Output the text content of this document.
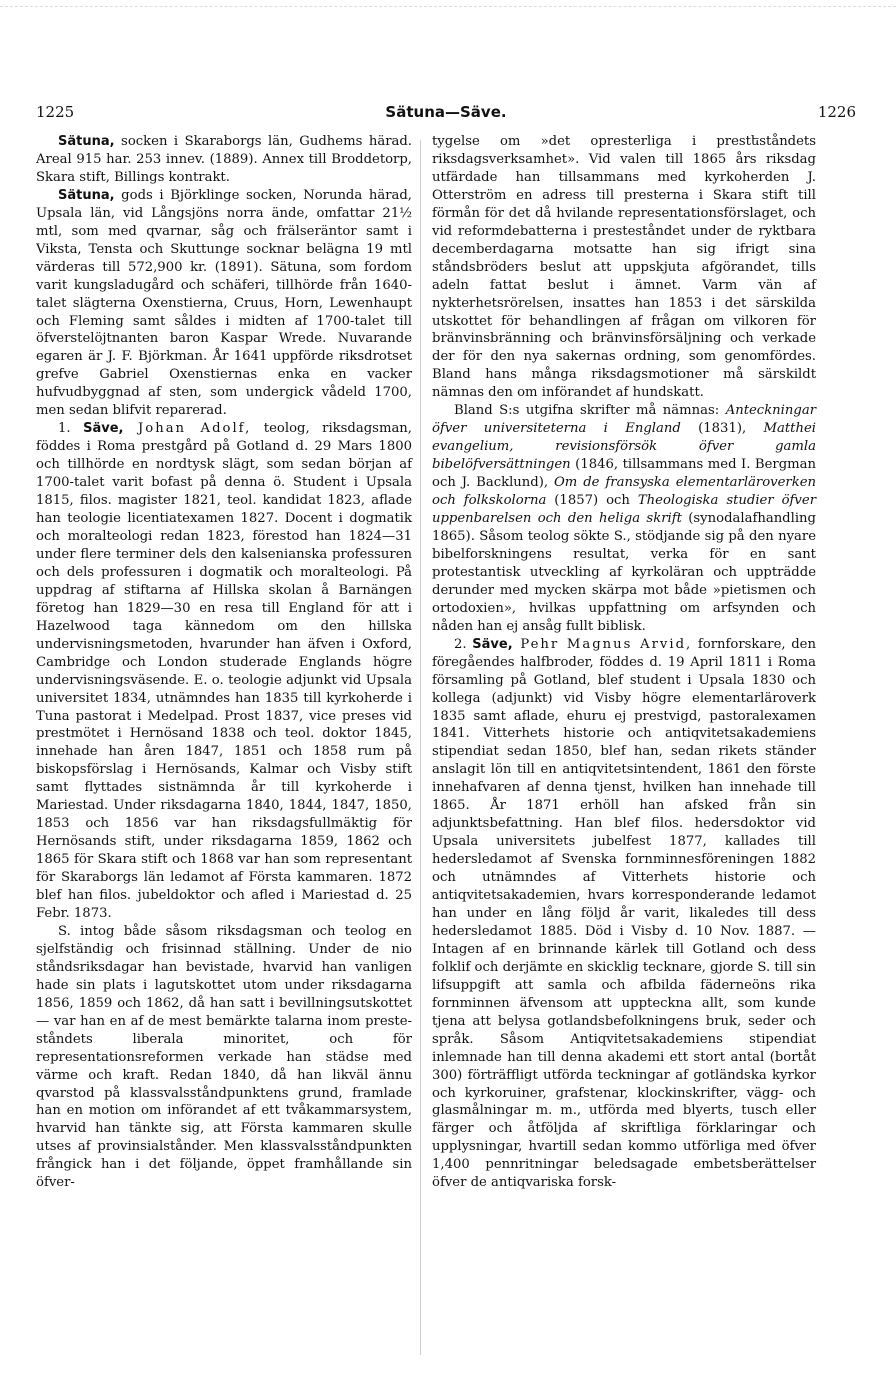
1225	Sätuna—Säve.	1226

Sätuna, socken i Skaraborgs län, Gudhems härad. Areal 915 har. 253 innev. (1889). Annex till Broddetorp, Skara stift, Billings kontrakt.

Sätuna, gods i Björklinge socken, Norunda härad, Upsala län, vid Långsjöns norra ände, omfattar 21½ mtl, som med qvarnar, såg och frälseräntor samt i Viksta, Tensta och Skuttunge socknar belägna 19 mtl värderas till 572,900 kr. (1891). Sätuna, som fordom varit kungsladugård och schäferi, tillhörde från 1640-talet slägterna Oxenstierna, Cruus, Horn, Lewenhaupt och Fleming samt såldes i midten af 1700-talet till öfverstelöjtnanten baron Kaspar Wrede. Nuvarande egaren är J. F. Björkman. År 1641 uppförde riksdrotset grefve Gabriel Oxenstiernas enka en vacker hufvudbyggnad af sten, som undergick vådeld 1700, men sedan blifvit reparerad.

1. Säve, Johan Adolf, teolog, riksdagsman, föddes i Roma prestgård på Gotland d. 29 Mars 1800 och tillhörde en nordtysk slägt, som sedan början af 1700-talet varit bofast på denna ö. Student i Upsala 1815, filos. magister 1821, teol. kandidat 1823, aflade han teologie licentiatexamen 1827. Docent i dogmatik och moralteologi redan 1823, förestod han 1824—31 under flere terminer dels den kalsenianska professuren och dels professuren i dogmatik och moralteologi. På uppdrag af stiftarna af Hillska skolan å Barnängen företog han 1829—30 en resa till England för att i Hazelwood taga kännedom om den hillska undervisningsmetoden, hvarunder han äfven i Oxford, Cambridge och London studerade Englands högre undervisningsväsende. E. o. teologie adjunkt vid Upsala universitet 1834, utnämndes han 1835 till kyrkoherde i Tuna pastorat i Medelpad. Prost 1837, vice preses vid prestmötet i Hernösand 1838 och teol. doktor 1845, innehade han åren 1847, 1851 och 1858 rum på biskopsförslag i Hernösands, Kalmar och Visby stift samt flyttades sistnämnda år till kyrkoherde i Mariestad. Under riksdagarna 1840, 1844, 1847, 1850, 1853 och 1856 var han riksdagsfullmäktig för Hernösands stift, under riksdagarna 1859, 1862 och 1865 för Skara stift och 1868 var han som representant för Skaraborgs län ledamot af Första kammaren. 1872 blef han filos. jubeldoktor och afled i Mariestad d. 25 Febr. 1873.

S. intog både såsom riksdagsman och teolog en sjelfständig och frisinnad ställning. Under de nio ståndsriksdagar han bevistade, hvarvid han vanligen hade sin plats i lagutskottet utom under riksdagarna 1856, 1859 och 1862, då han satt i bevillningsutskottet — var han en af de mest bemärkte talarna inom preste-ståndets liberala minoritet, och för representationsreformen verkade han städse med värme och kraft. Redan 1840, då han likväl ännu qvarstod på klassvalsståndpunktens grund, framlade han en motion om införandet af ett tvåkammarsystem, hvarvid han tänkte sig, att Första kammaren skulle utses af provinsialstånder. Men klassvalsståndpunkten frångick han i det följande, öppet framhållande sin öfver-

tygelse om »det opresterliga i prestեståndets riksdagsverksamhet». Vid valen till 1865 års riksdag utfärdade han tillsammans med kyrkoherden J. Otterström en adress till presterna i Skara stift till förmån för det då hvilande representationsförslaget, och vid reformdebatterna i prestеståndet under de ryktbara decemberdagarna motsatte han sig ifrigt sina ståndsbröders beslut att uppskjuta afgörandet, tills adeln fattat beslut i ämnet. Varm vän af nykterhetsrörelsen, insattes han 1853 i det särskilda utskottet för behandlingen af frågan om vilkoren för bränvinsbränning och bränvinsförsäljning och verkade der för den nya sakernas ordning, som genomfördes. Bland hans många riksdagsmotioner må särskildt nämnas den om införandet af hundskatt.

Bland S:s utgifna skrifter må nämnas: Anteckningar öfver universiteterna i England (1831), Matthei evangelium, revisionsförsök öfver gamla bibelöfversättningen (1846, tillsammans med I. Bergman och J. Backlund), Om de fransyska elementarläroverken och folkskolorna (1857) och Theologiska studier öfver uppenbarelsen och den heliga skrift (synodalafhandling 1865). Såsom teolog sökte S., stödjande sig på den nyare bibelforskningens resultat, verka för en sant protestantisk utveckling af kyrkoläran och uppträdde derunder med mycken skärpa mot både »pietismen och ortodoxien», hvilkas uppfattning om arfsynden och nåden han ej ansåg fullt biblisk.

2. Säve, Pehr Magnus Arvid, fornforskare, den föregåendes halfbroder, föddes d. 19 April 1811 i Roma församling på Gotland, blef student i Upsala 1830 och kollega (adjunkt) vid Visby högre elementarläroverk 1835 samt aflade, ehuru ej prestvigd, pastoralexamen 1841. Vitterhets historie och antiqvitetsakademiens stipendiat sedan 1850, blef han, sedan rikets ständer anslagit lön till en antiqvitetsintendent, 1861 den förste innehafvaren af denna tjenst, hvilken han innehade till 1865. År 1871 erhöll han afsked från sin adjunktsbefattning. Han blef filos. hedersdoktor vid Upsala universitets jubelfest 1877, kallades till hedersledamot af Svenska fornminnesföreningen 1882 och utnämndes af Vitterhets historie och antiqvitetsakademien, hvars korresponderande ledamot han under en lång följd år varit, likaledes till dess hedersledamot 1885. Död i Visby d. 10 Nov. 1887. — Intagen af en brinnande kärlek till Gotland och dess folklif och derjämte en skicklig tecknare, gjorde S. till sin lifsuppgift att samla och afbilda fäderneöns rika fornminnen äfvensom att uppteckna allt, som kunde tjena att belysa gotlandsbefolkningens bruk, seder och språk. Såsom Antiqvitetsakademiens stipendiat inlemnade han till denna akademi ett stort antal (bortåt 300) förträffligt utförda teckningar af gotländska kyrkor och kyrkoruiner, grafstenar, klockinskrifter, vägg- och glasmålningar m. m., utförda med blyerts, tusch eller färger och åtföljda af skriftliga förklaringar och upplysningar, hvartill sedan kommo utförliga med öfver 1,400 pennritningar beledsagade embetsberättelser öfver de antiqvariska forsk-
